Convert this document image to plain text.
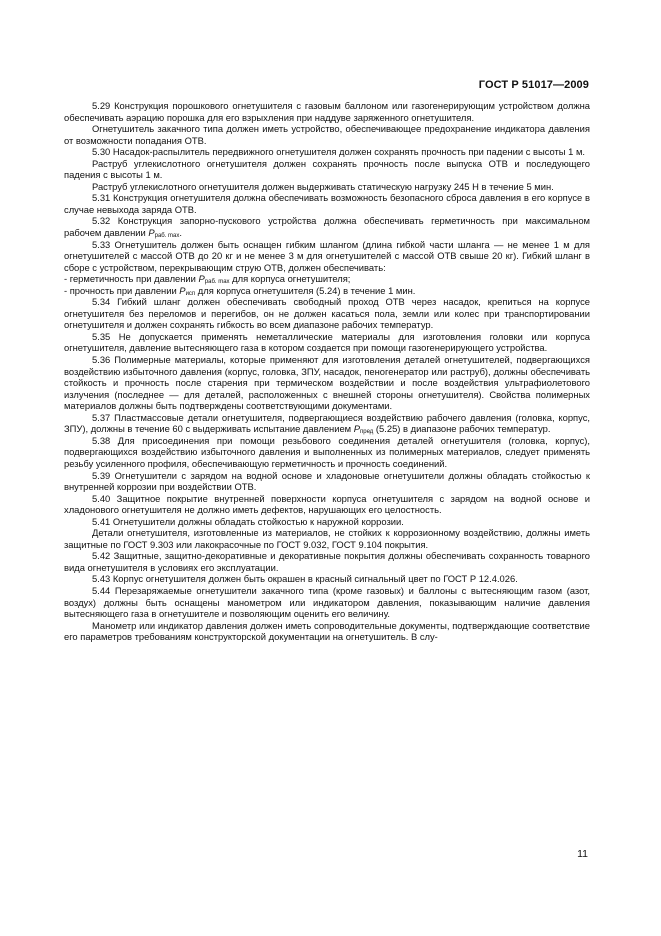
ГОСТ Р 51017—2009

5.29 Конструкция порошкового огнетушителя с газовым баллоном или газогенерирующим устройством должна обеспечивать аэрацию порошка для его взрыхления при наддуве заряженного огнетушителя.

Огнетушитель закачного типа должен иметь устройство, обеспечивающее предохранение индикатора давления от возможности попадания ОТВ.

5.30 Насадок-распылитель передвижного огнетушителя должен сохранять прочность при падении с высоты 1 м.

Раструб углекислотного огнетушителя должен сохранять прочность после выпуска ОТВ и последующего падения с высоты 1 м.

Раструб углекислотного огнетушителя должен выдерживать статическую нагрузку 245 Н в течение 5 мин.

5.31 Конструкция огнетушителя должна обеспечивать возможность безопасного сброса давления в его корпусе в случае невыхода заряда ОТВ.

5.32 Конструкция запорно-пускового устройства должна обеспечивать герметичность при максимальном рабочем давлении $P_{раб. max}$.

5.33 Огнетушитель должен быть оснащен гибким шлангом (длина гибкой части шланга — не менее 1 м для огнетушителей с массой ОТВ до 20 кг и не менее 3 м для огнетушителей с массой ОТВ свыше 20 кг). Гибкий шланг в сборе с устройством, перекрывающим струю ОТВ, должен обеспечивать:

- герметичность при давлении $P_{раб. max}$ для корпуса огнетушителя;

- прочность при давлении $P_{исп}$ для корпуса огнетушителя (5.24) в течение 1 мин.

5.34 Гибкий шланг должен обеспечивать свободный проход ОТВ через насадок, крепиться на корпусе огнетушителя без переломов и перегибов, он не должен касаться пола, земли или колес при транспортировании огнетушителя и должен сохранять гибкость во всем диапазоне рабочих температур.

5.35 Не допускается применять неметаллические материалы для изготовления головки или корпуса огнетушителя, давление вытесняющего газа в котором создается при помощи газогенерирующего устройства.

5.36 Полимерные материалы, которые применяют для изготовления деталей огнетушителей, подвергающихся воздействию избыточного давления (корпус, головка, ЗПУ, насадок, пеногенератор или раструб), должны обеспечивать стойкость и прочность после старения при термическом воздействии и после воздействия ультрафиолетового излучения (последнее — для деталей, расположенных с внешней стороны огнетушителя). Свойства полимерных материалов должны быть подтверждены соответствующими документами.

5.37 Пластмассовые детали огнетушителя, подвергающиеся воздействию рабочего давления (головка, корпус, ЗПУ), должны в течение 60 с выдерживать испытание давлением $P_{пред}$ (5.25) в диапазоне рабочих температур.

5.38 Для присоединения при помощи резьбового соединения деталей огнетушителя (головка, корпус), подвергающихся воздействию избыточного давления и выполненных из полимерных материалов, следует применять резьбу усиленного профиля, обеспечивающую герметичность и прочность соединений.

5.39 Огнетушители с зарядом на водной основе и хладоновые огнетушители должны обладать стойкостью к внутренней коррозии при воздействии ОТВ.

5.40 Защитное покрытие внутренней поверхности корпуса огнетушителя с зарядом на водной основе и хладонового огнетушителя не должно иметь дефектов, нарушающих его целостность.

5.41 Огнетушители должны обладать стойкостью к наружной коррозии.

Детали огнетушителя, изготовленные из материалов, не стойких к коррозионному воздействию, должны иметь защитные по ГОСТ 9.303 или лакокрасочные по ГОСТ 9.032, ГОСТ 9.104 покрытия.

5.42 Защитные, защитно-декоративные и декоративные покрытия должны обеспечивать сохранность товарного вида огнетушителя в условиях его эксплуатации.

5.43 Корпус огнетушителя должен быть окрашен в красный сигнальный цвет по ГОСТ Р 12.4.026.

5.44 Перезаряжаемые огнетушители закачного типа (кроме газовых) и баллоны с вытесняющим газом (азот, воздух) должны быть оснащены манометром или индикатором давления, показывающим наличие давления вытесняющего газа в огнетушителе и позволяющим оценить его величину.

Манометр или индикатор давления должен иметь сопроводительные документы, подтверждающие соответствие его параметров требованиям конструкторской документации на огнетушитель. В слу-

11
